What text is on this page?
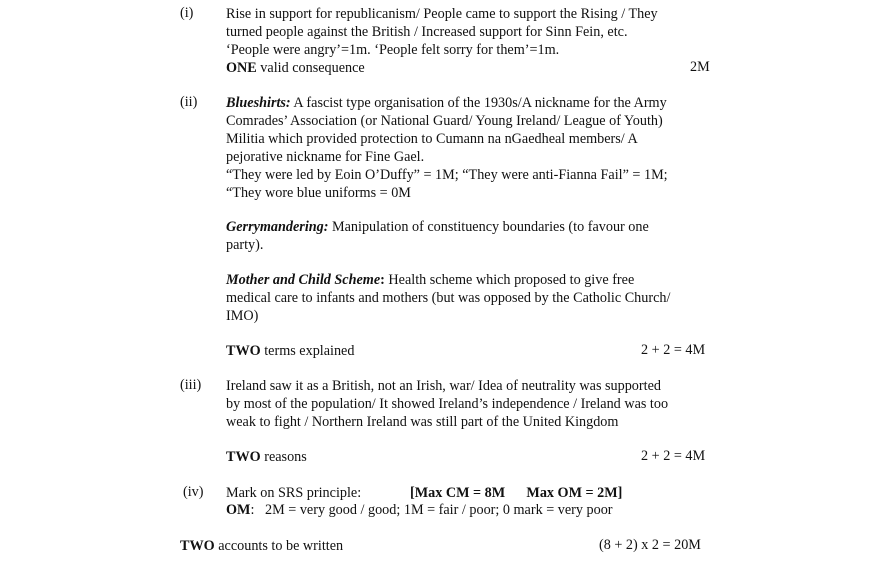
(i) Rise in support for republicanism/ People came to support the Rising / They
turned people against the British / Increased support for Sinn Fein, etc.
‘People were angry’=1m. ‘People felt sorry for them’=1m.
ONE valid consequence	2M
(ii) Blueshirts: A fascist type organisation of the 1930s/A nickname for the Army
Comrades’ Association (or National Guard/ Young Ireland/ League of Youth)
Militia which provided protection to Cumann na nGaedheal members/ A
pejorative nickname for Fine Gael.
“They were led by Eoin O’Duffy” = 1M; “They were anti-Fianna Fail” = 1M;
“They wore blue uniforms = 0M
Gerrymandering: Manipulation of constituency boundaries (to favour one
party).
Mother and Child Scheme: Health scheme which proposed to give free
medical care to infants and mothers (but was opposed by the Catholic Church/
IMO)
TWO terms explained	2 + 2 = 4M
(iii) Ireland saw it as a British, not an Irish, war/ Idea of neutrality was supported
by most of the population/ It showed Ireland’s independence / Ireland was too
weak to fight / Northern Ireland was still part of the United Kingdom
TWO reasons	2 + 2 = 4M
(iv) Mark on SRS principle:	[Max CM = 8M      Max OM = 2M]
OM:   2M = very good / good; 1M = fair / poor; 0 mark = very poor
TWO accounts to be written	(8 + 2) x 2 = 20M
